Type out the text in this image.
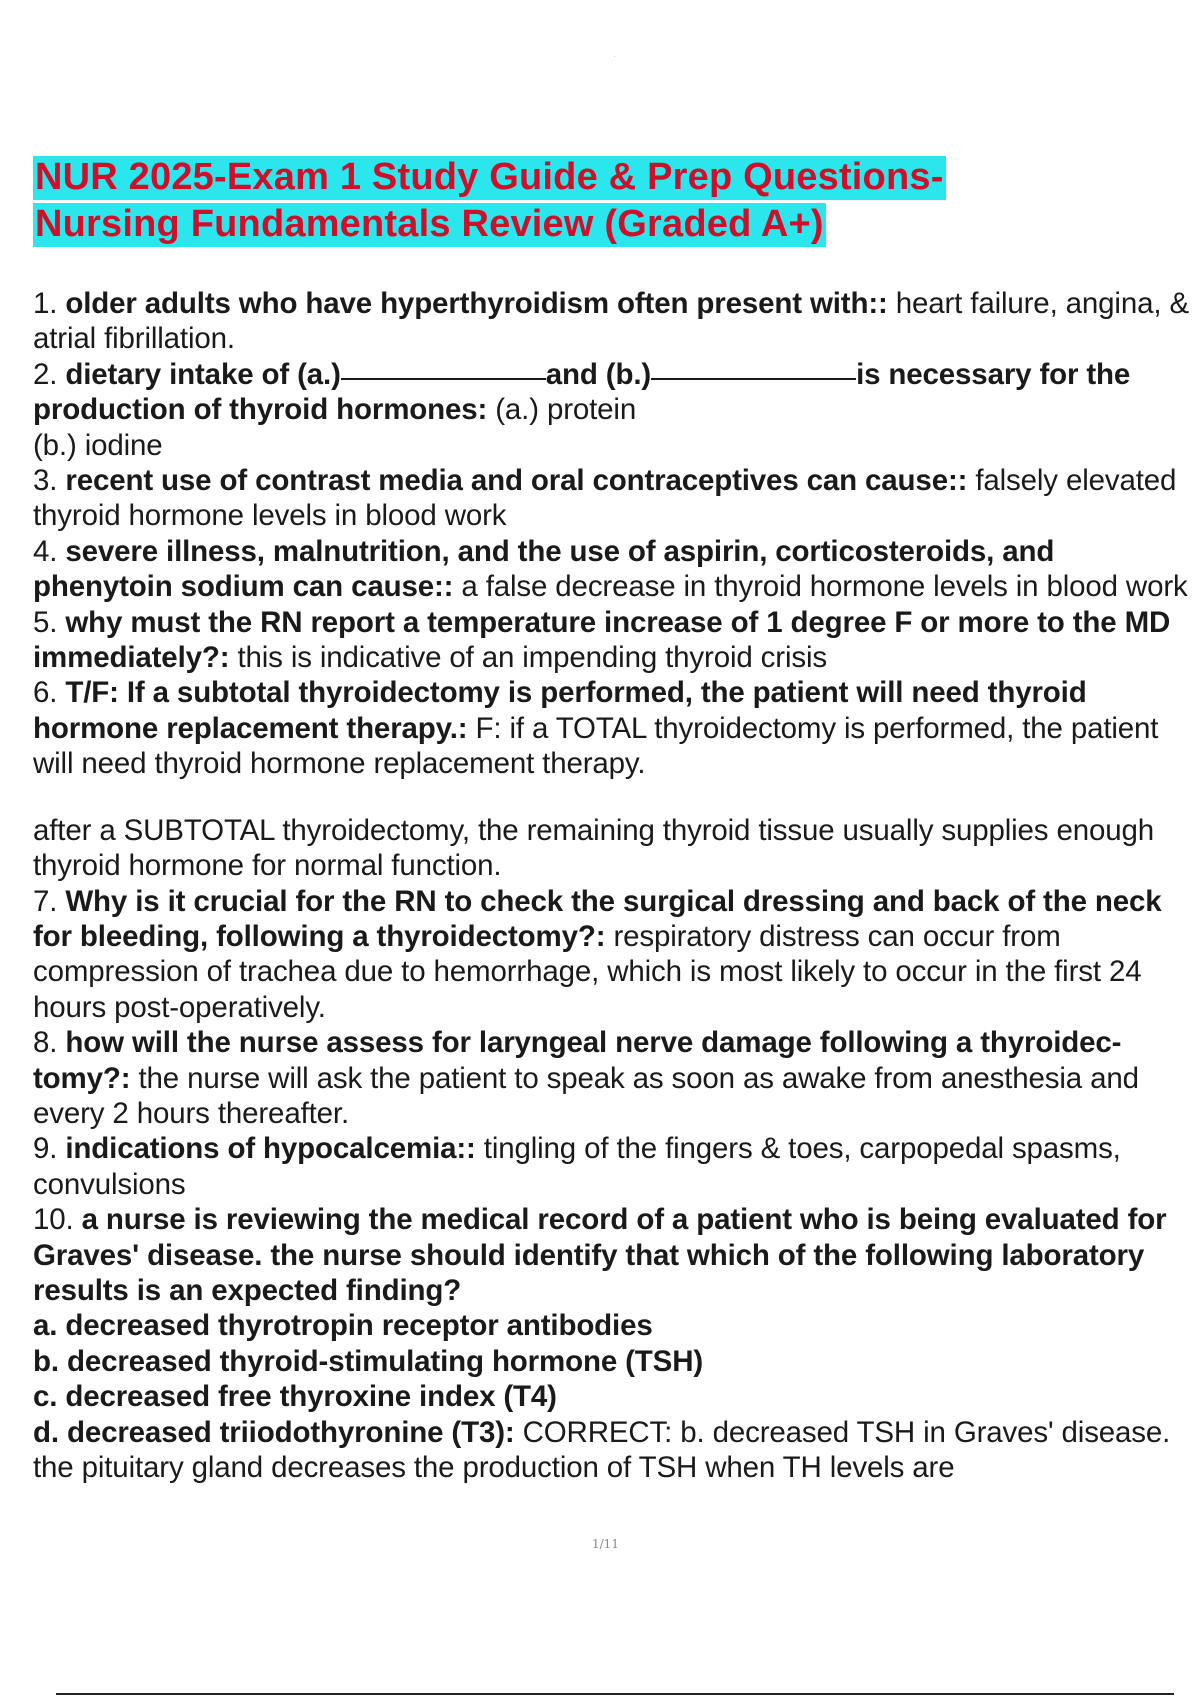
NUR 2025-Exam 1 Study Guide & Prep Questions-
Nursing Fundamentals Review (Graded A+)

1. older adults who have hyperthyroidism often present with:: heart failure, angina, & atrial fibrillation.

2. dietary intake of (a.)	and (b.)	is necessary for the production of thyroid hormones: (a.) protein
(b.) iodine

3. recent use of contrast media and oral contraceptives can cause:: falsely elevated thyroid hormone levels in blood work

4. severe illness, malnutrition, and the use of aspirin, corticosteroids, and phenytoin sodium can cause:: a false decrease in thyroid hormone levels in blood work

5. why must the RN report a temperature increase of 1 degree F or more to the MD immediately?: this is indicative of an impending thyroid crisis

6. T/F: If a subtotal thyroidectomy is performed, the patient will need thyroid hormone replacement therapy.: F: if a TOTAL thyroidectomy is performed, the patient will need thyroid hormone replacement therapy.

after a SUBTOTAL thyroidectomy, the remaining thyroid tissue usually supplies enough thyroid hormone for normal function.

7. Why is it crucial for the RN to check the surgical dressing and back of the neck for bleeding, following a thyroidectomy?: respiratory distress can occur from compression of trachea due to hemorrhage, which is most likely to occur in the first 24 hours post-operatively.

8. how will the nurse assess for laryngeal nerve damage following a thyroidec- tomy?: the nurse will ask the patient to speak as soon as awake from anesthesia and every 2 hours thereafter.

9. indications of hypocalcemia:: tingling of the fingers & toes, carpopedal spasms, convulsions

10. a nurse is reviewing the medical record of a patient who is being evaluated for Graves' disease. the nurse should identify that which of the following laboratory results is an expected finding?
a. decreased thyrotropin receptor antibodies
b. decreased thyroid-stimulating hormone (TSH)
c. decreased free thyroxine index (T4)
d. decreased triiodothyronine (T3): CORRECT: b. decreased TSH in Graves' disease. the pituitary gland decreases the production of TSH when TH levels are

1/11
